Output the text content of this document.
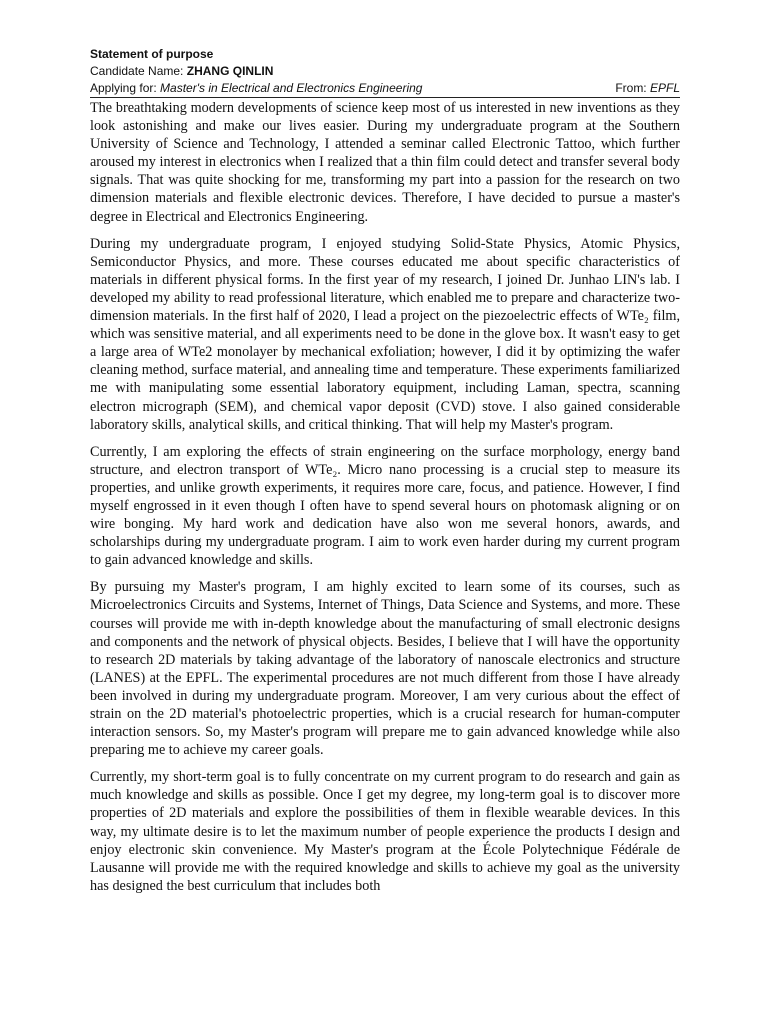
Statement of purpose
Candidate Name: ZHANG QINLIN
Applying for: Master's in Electrical and Electronics Engineering	From: EPFL

The breathtaking modern developments of science keep most of us interested in new inventions as they look astonishing and make our lives easier. During my undergraduate program at the Southern University of Science and Technology, I attended a seminar called Electronic Tattoo, which further aroused my interest in electronics when I realized that a thin film could detect and transfer several body signals. That was quite shocking for me, transforming my part into a passion for the research on two dimension materials and flexible electronic devices. Therefore, I have decided to pursue a master's degree in Electrical and Electronics Engineering.

During my undergraduate program, I enjoyed studying Solid-State Physics, Atomic Physics, Semiconductor Physics, and more. These courses educated me about specific characteristics of materials in different physical forms. In the first year of my research, I joined Dr. Junhao LIN's lab. I developed my ability to read professional literature, which enabled me to prepare and characterize two-dimension materials. In the first half of 2020, I lead a project on the piezoelectric effects of WTe₂ film, which was sensitive material, and all experiments need to be done in the glove box. It wasn't easy to get a large area of WTe2 monolayer by mechanical exfoliation; however, I did it by optimizing the wafer cleaning method, surface material, and annealing time and temperature. These experiments familiarized me with manipulating some essential laboratory equipment, including Laman, spectra, scanning electron micrograph (SEM), and chemical vapor deposit (CVD) stove. I also gained considerable laboratory skills, analytical skills, and critical thinking. That will help my Master's program.

Currently, I am exploring the effects of strain engineering on the surface morphology, energy band structure, and electron transport of WTe₂. Micro nano processing is a crucial step to measure its properties, and unlike growth experiments, it requires more care, focus, and patience. However, I find myself engrossed in it even though I often have to spend several hours on photomask aligning or on wire bonging. My hard work and dedication have also won me several honors, awards, and scholarships during my undergraduate program. I aim to work even harder during my current program to gain advanced knowledge and skills.

By pursuing my Master's program, I am highly excited to learn some of its courses, such as Microelectronics Circuits and Systems, Internet of Things, Data Science and Systems, and more. These courses will provide me with in-depth knowledge about the manufacturing of small electronic designs and components and the network of physical objects. Besides, I believe that I will have the opportunity to research 2D materials by taking advantage of the laboratory of nanoscale electronics and structure (LANES) at the EPFL. The experimental procedures are not much different from those I have already been involved in during my undergraduate program. Moreover, I am very curious about the effect of strain on the 2D material's photoelectric properties, which is a crucial research for human-computer interaction sensors. So, my Master's program will prepare me to gain advanced knowledge while also preparing me to achieve my career goals.

Currently, my short-term goal is to fully concentrate on my current program to do research and gain as much knowledge and skills as possible. Once I get my degree, my long-term goal is to discover more properties of 2D materials and explore the possibilities of them in flexible wearable devices. In this way, my ultimate desire is to let the maximum number of people experience the products I design and enjoy electronic skin convenience. My Master's program at the École Polytechnique Fédérale de Lausanne will provide me with the required knowledge and skills to achieve my goal as the university has designed the best curriculum that includes both
